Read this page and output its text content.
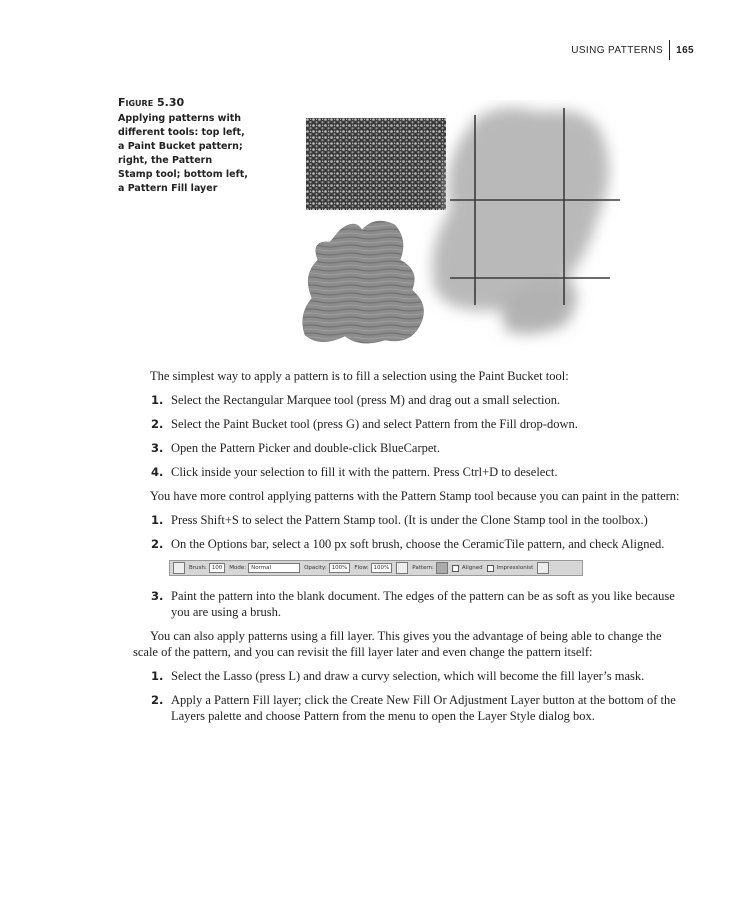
USING PATTERNS	165
Figure 5.30
Applying patterns with different tools: top left, a Paint Bucket pattern; right, the Pattern Stamp tool; bottom left, a Pattern Fill layer

The simplest way to apply a pattern is to fill a selection using the Paint Bucket tool:

1. Select the Rectangular Marquee tool (press M) and drag out a small selection.
2. Select the Paint Bucket tool (press G) and select Pattern from the Fill drop-down.
3. Open the Pattern Picker and double-click BlueCarpet.
4. Click inside your selection to fill it with the pattern. Press Ctrl+D to deselect.

You have more control applying patterns with the Pattern Stamp tool because you can paint in the pattern:

1. Press Shift+S to select the Pattern Stamp tool. (It is under the Clone Stamp tool in the toolbox.)
2. On the Options bar, select a 100 px soft brush, choose the CeramicTile pattern, and check Aligned.
Brush: 100	Mode: Normal	Opacity: 100%	Flow: 100%	Pattern:	Aligned	Impressionist
3. Paint the pattern into the blank document. The edges of the pattern can be as soft as you like because you are using a brush.

You can also apply patterns using a fill layer. This gives you the advantage of being able to change the scale of the pattern, and you can revisit the fill layer later and even change the pattern itself:

1. Select the Lasso (press L) and draw a curvy selection, which will become the fill layer’s mask.
2. Apply a Pattern Fill layer; click the Create New Fill Or Adjustment Layer button at the bottom of the Layers palette and choose Pattern from the menu to open the Layer Style dialog box.
